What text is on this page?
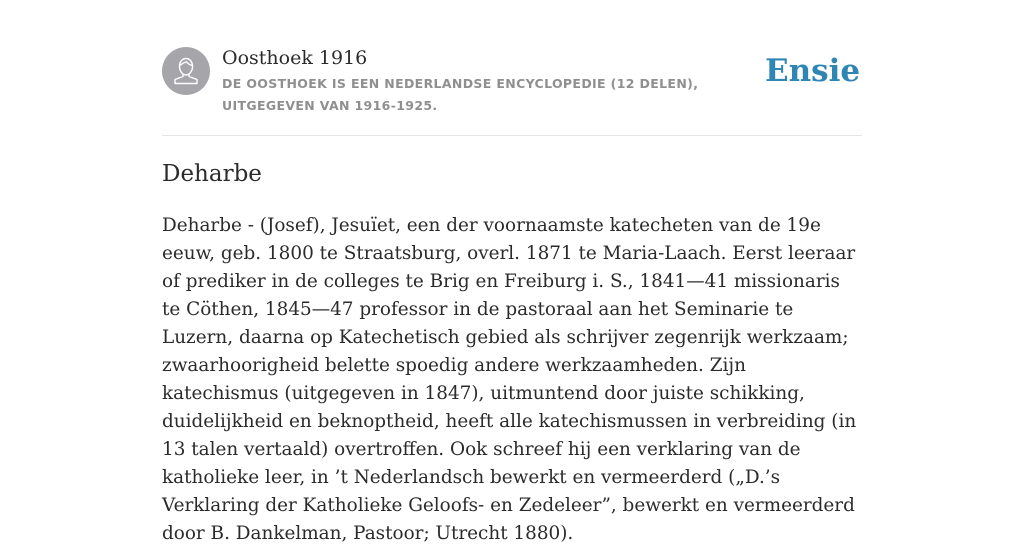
Oosthoek 1916
DE OOSTHOEK IS EEN NEDERLANDSE ENCYCLOPEDIE (12 DELEN), UITGEGEVEN VAN 1916-1925.
Ensie
Deharbe

Deharbe - (Josef), Jesuïet, een der voornaamste katecheten van de 19e eeuw, geb. 1800 te Straatsburg, overl. 1871 te Maria-Laach. Eerst leeraar of prediker in de colleges te Brig en Freiburg i. S., 1841—41 missionaris te Cöthen, 1845—47 professor in de pastoraal aan het Seminarie te Luzern, daarna op Katechetisch gebied als schrijver zegenrijk werkzaam; zwaarhoorigheid belette spoedig andere werkzaamheden. Zijn katechismus (uitgegeven in 1847), uitmuntend door juiste schikking, duidelijkheid en beknoptheid, heeft alle katechismussen in verbreiding (in 13 talen vertaald) overtroffen. Ook schreef hij een verklaring van de katholieke leer, in ’t Nederlandsch bewerkt en vermeerderd („D.’s Verklaring der Katholieke Geloofs- en Zedeleer”, bewerkt en vermeerderd door B. Dankelman, Pastoor; Utrecht 1880).
